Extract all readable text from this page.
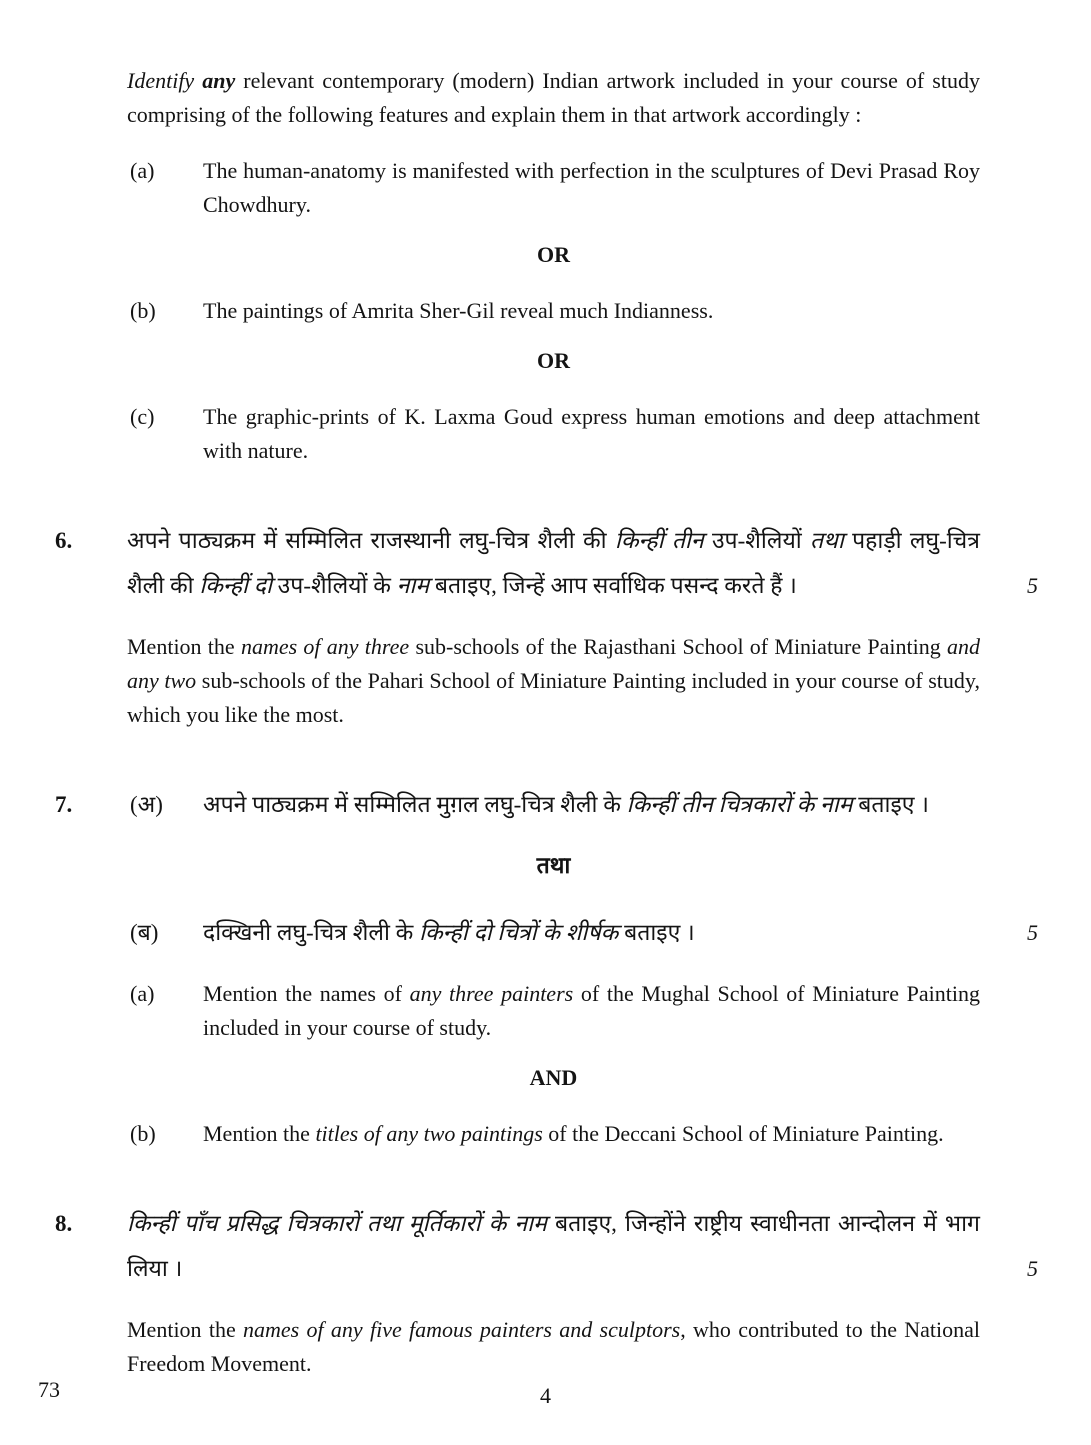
Identify any relevant contemporary (modern) Indian artwork included in your course of study comprising of the following features and explain them in that artwork accordingly :
(a) The human-anatomy is manifested with perfection in the sculptures of Devi Prasad Roy Chowdhury.
OR
(b) The paintings of Amrita Sher-Gil reveal much Indianness.
OR
(c) The graphic-prints of K. Laxma Goud express human emotions and deep attachment with nature.
6. अपने पाठ्यक्रम में सम्मिलित राजस्थानी लघु-चित्र शैली की किन्हीं तीन उप-शैलियों तथा पहाड़ी लघु-चित्र शैली की किन्हीं दो उप-शैलियों के नाम बताइए, जिन्हें आप सर्वाधिक पसन्द करते हैं ।	5
Mention the names of any three sub-schools of the Rajasthani School of Miniature Painting and any two sub-schools of the Pahari School of Miniature Painting included in your course of study, which you like the most.
7.	(अ) अपने पाठ्यक्रम में सम्मिलित मुग़ल लघु-चित्र शैली के किन्हीं तीन चित्रकारों के नाम बताइए ।
तथा
(ब) दक्खिनी लघु-चित्र शैली के किन्हीं दो चित्रों के शीर्षक बताइए ।	5
(a) Mention the names of any three painters of the Mughal School of Miniature Painting included in your course of study.
AND
(b) Mention the titles of any two paintings of the Deccani School of Miniature Painting.
8. किन्हीं पाँच प्रसिद्ध चित्रकारों तथा मूर्तिकारों के नाम बताइए, जिन्होंने राष्ट्रीय स्वाधीनता आन्दोलन में भाग लिया ।	5
Mention the names of any five famous painters and sculptors, who contributed to the National Freedom Movement.
73	4
